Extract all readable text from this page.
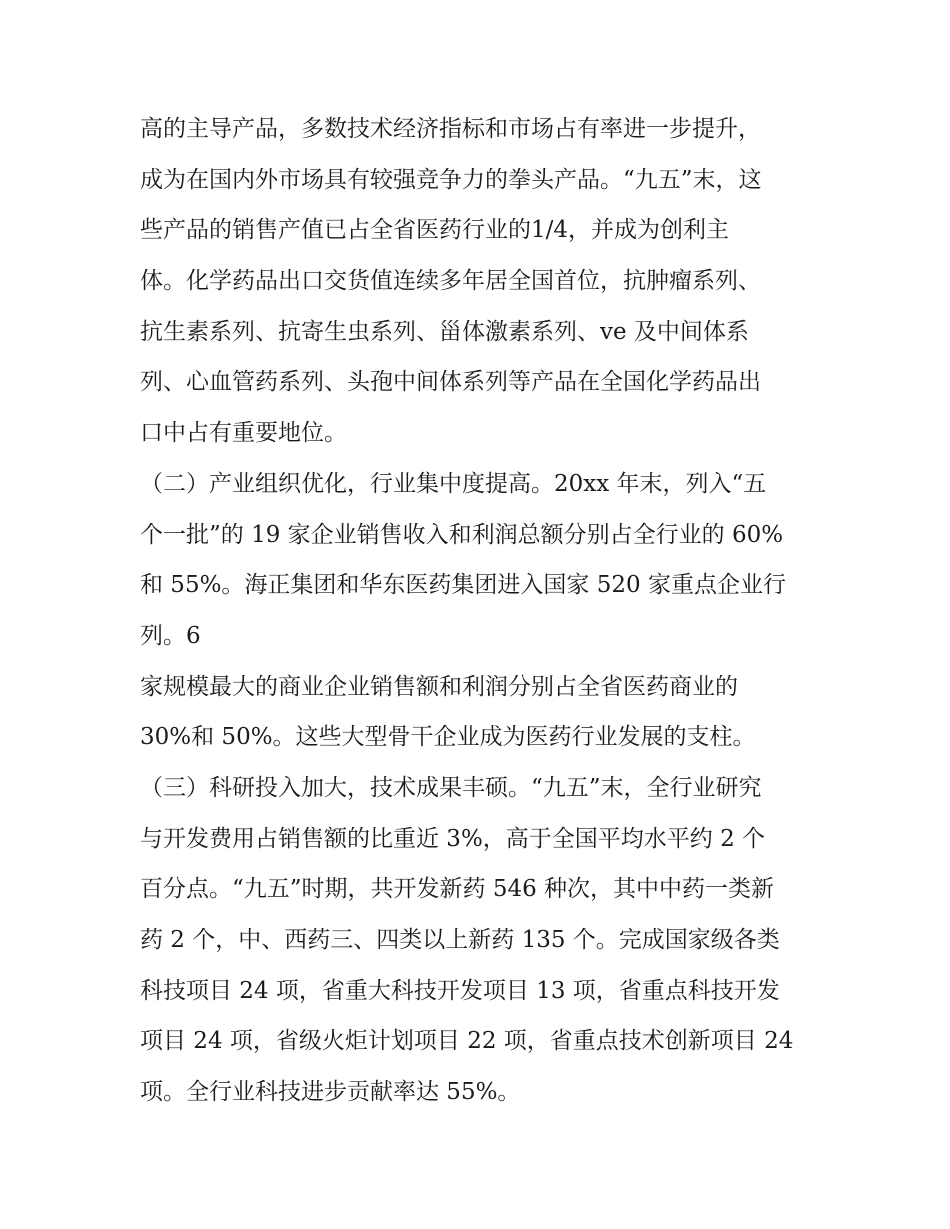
高的主导产品，多数技术经济指标和市场占有率进一步提升，
成为在国内外市场具有较强竞争力的拳头产品。“九五”末，这
些产品的销售产值已占全省医药行业的1/4，并成为创利主
体。化学药品出口交货值连续多年居全国首位，抗肿瘤系列、
抗生素系列、抗寄生虫系列、甾体激素系列、ve 及中间体系
列、心血管药系列、头孢中间体系列等产品在全国化学药品出
口中占有重要地位。
（二）产业组织优化，行业集中度提高。20xx 年末，列入“五
个一批”的 19 家企业销售收入和利润总额分别占全行业的 60%
和 55%。海正集团和华东医药集团进入国家 520 家重点企业行
列。6
家规模最大的商业企业销售额和利润分别占全省医药商业的
30%和 50%。这些大型骨干企业成为医药行业发展的支柱。
（三）科研投入加大，技术成果丰硕。“九五”末，全行业研究
与开发费用占销售额的比重近 3%，高于全国平均水平约 2 个
百分点。“九五”时期，共开发新药 546 种次，其中中药一类新
药 2 个，中、西药三、四类以上新药 135 个。完成国家级各类
科技项目 24 项，省重大科技开发项目 13 项，省重点科技开发
项目 24 项，省级火炬计划项目 22 项，省重点技术创新项目 24
项。全行业科技进步贡献率达 55%。
